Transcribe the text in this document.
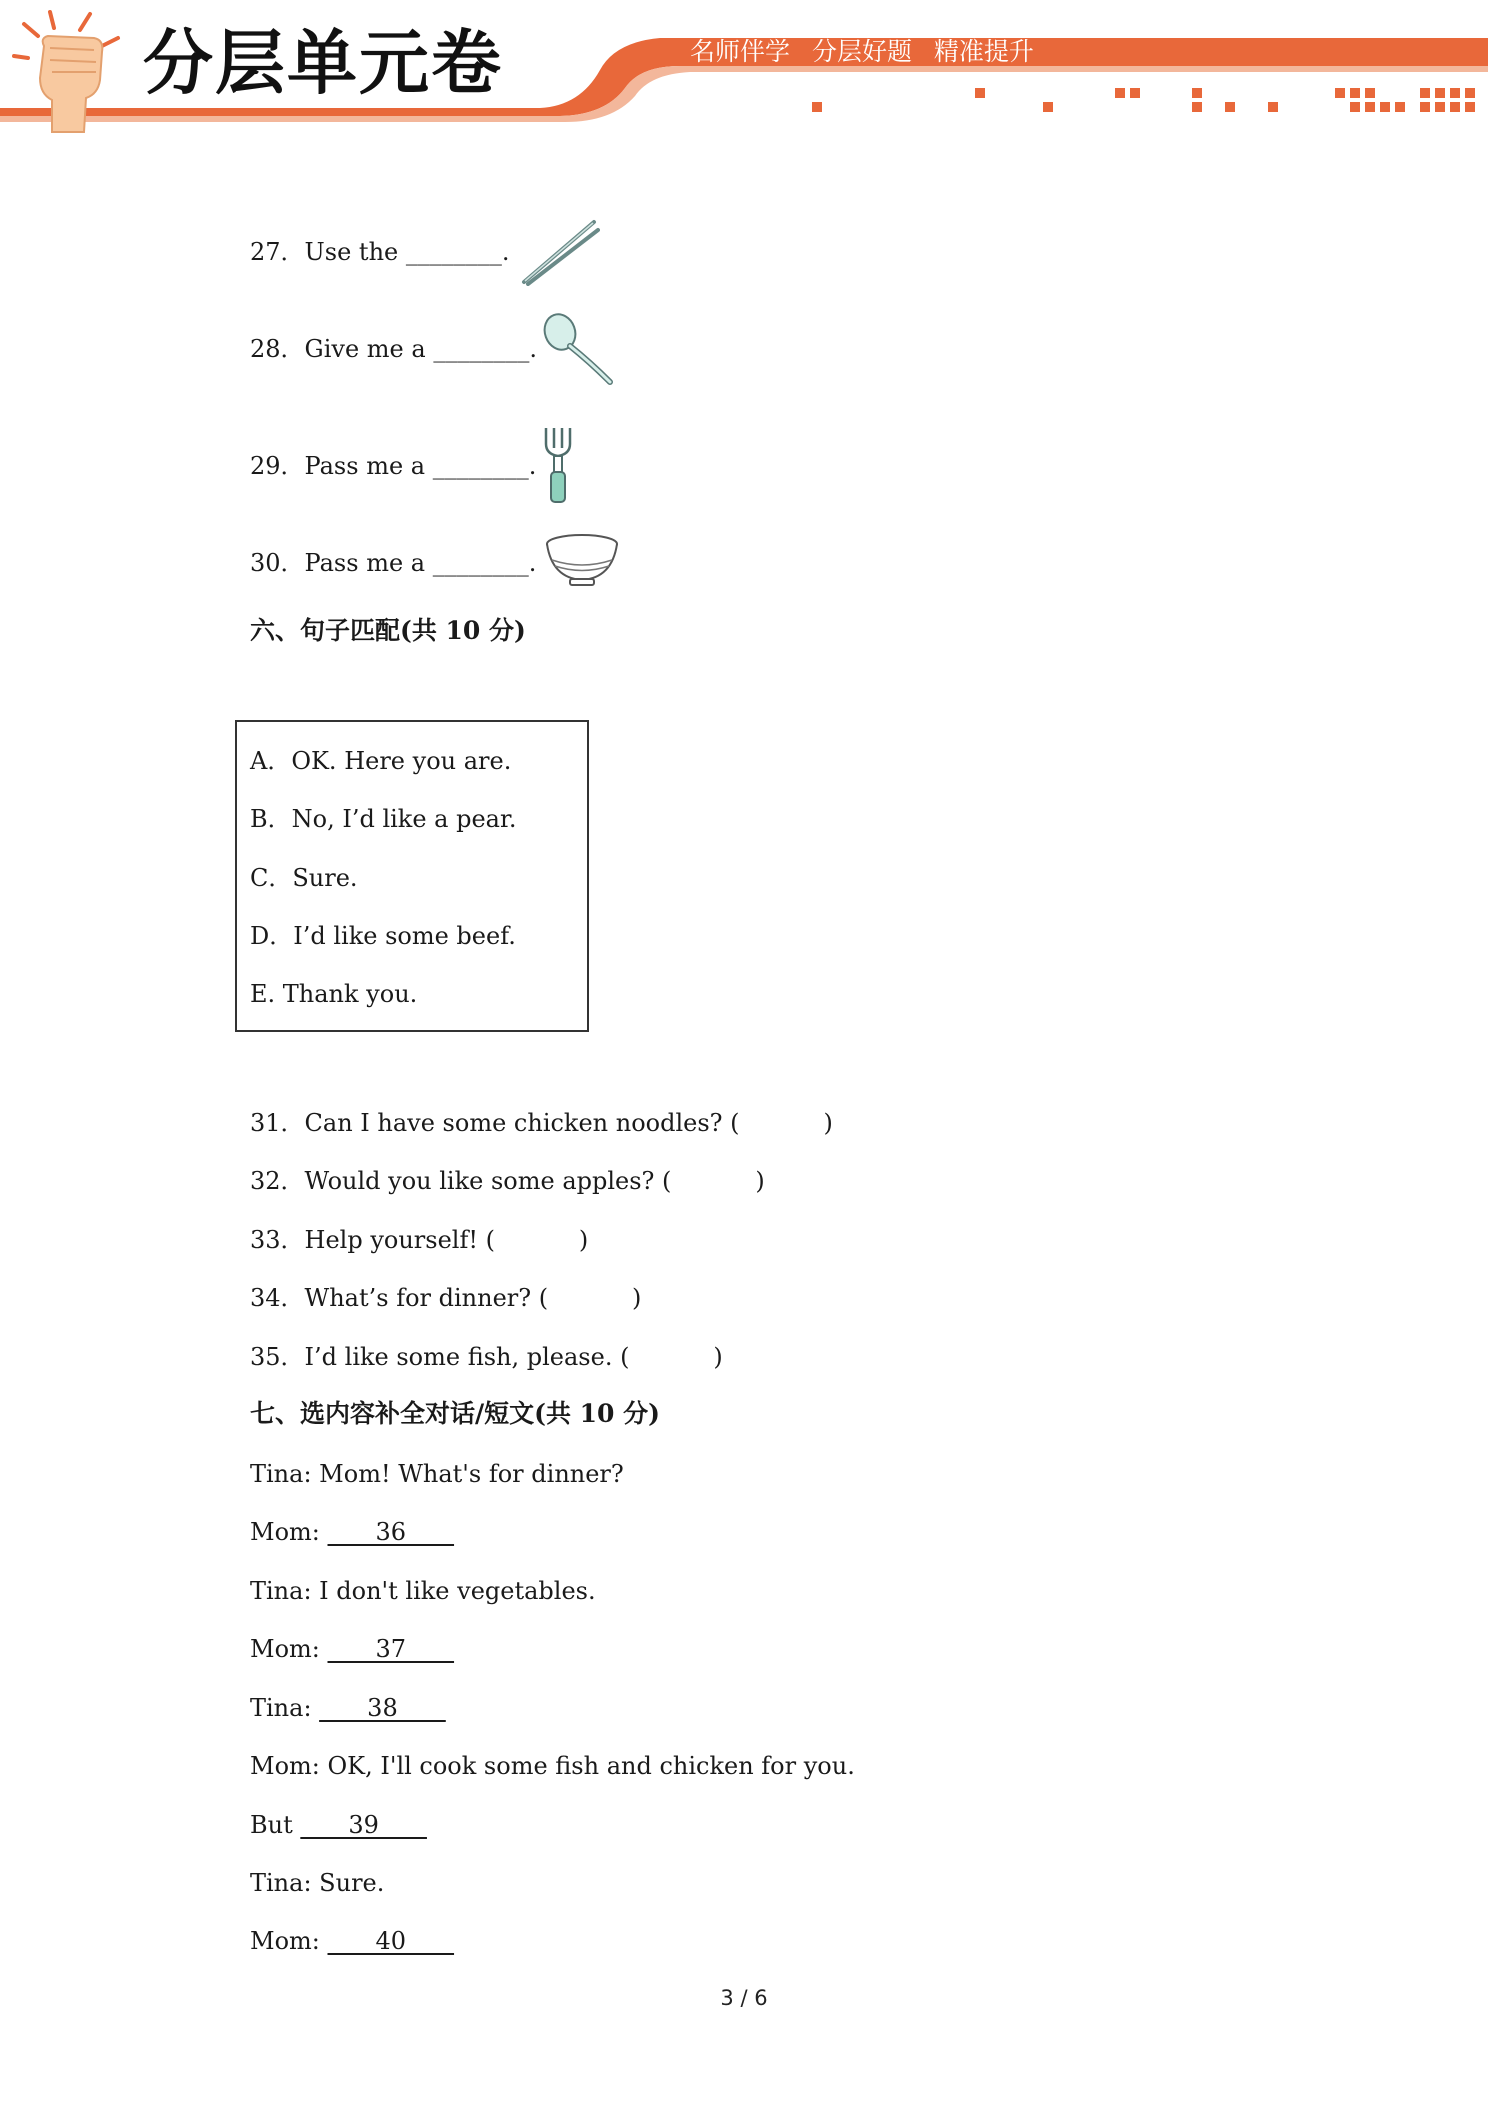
分层单元卷	名师伴学 分层好题 精准提升
27．Use the ________.
28．Give me a ________.
29．Pass me a ________.
30．Pass me a ________.
六、句子匹配(共 10 分)
A．OK. Here you are.
B．No, I’d like a pear.
C．Sure.
D．I’d like some beef.
E. Thank you.
31．Can I have some chicken noodles? (           )
32．Would you like some apples? (           )
33．Help yourself! (           )
34．What’s for dinner? (           )
35．I’d like some fish, please. (           )
七、选内容补全对话/短文(共 10 分)
Tina: Mom! What's for dinner?
Mom: ____36____
Tina: I don't like vegetables.
Mom: ____37____
Tina: ____38____
Mom: OK, I'll cook some fish and chicken for you.
But ____39____
Tina: Sure.
Mom: ____40____
3 / 6
